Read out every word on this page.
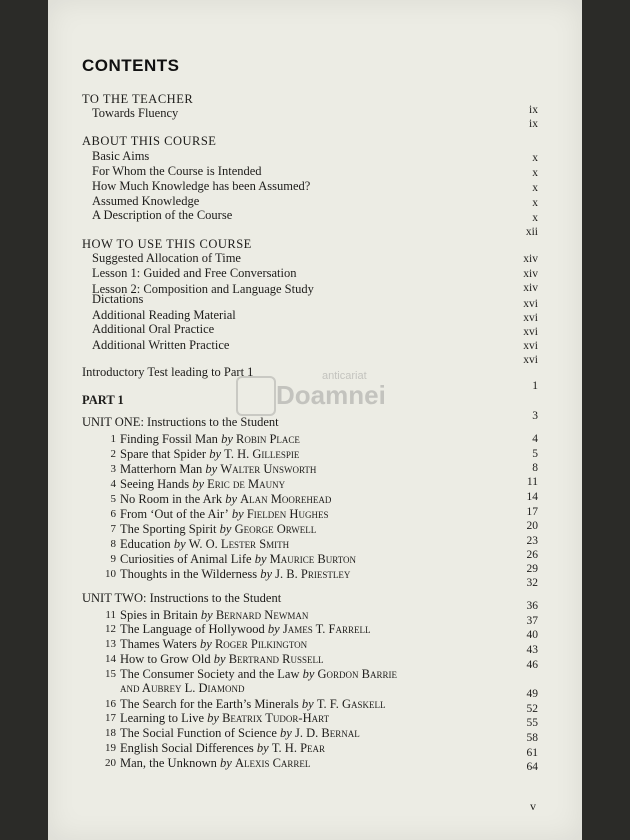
CONTENTS
TO THE TEACHER
Towards Fluency
ABOUT THIS COURSE
Basic Aims
For Whom the Course is Intended
How Much Knowledge has been Assumed?
Assumed Knowledge
A Description of the Course
HOW TO USE THIS COURSE
Suggested Allocation of Time
Lesson 1: Guided and Free Conversation
Lesson 2: Composition and Language Study
Dictations
Additional Reading Material
Additional Oral Practice
Additional Written Practice
Introductory Test leading to Part 1
PART 1
UNIT ONE: Instructions to the Student
1 Finding Fossil Man by Robin Place
2 Spare that Spider by T. H. Gillespie
3 Matterhorn Man by Walter Unsworth
4 Seeing Hands by Eric de Mauny
5 No Room in the Ark by Alan Moorehead
6 From ‘Out of the Air’ by Fielden Hughes
7 The Sporting Spirit by George Orwell
8 Education by W. O. Lester Smith
9 Curiosities of Animal Life by Maurice Burton
10 Thoughts in the Wilderness by J. B. Priestley
UNIT TWO: Instructions to the Student
11 Spies in Britain by Bernard Newman
12 The Language of Hollywood by James T. Farrell
13 Thames Waters by Roger Pilkington
14 How to Grow Old by Bertrand Russell
15 The Consumer Society and the Law by Gordon Barrie
and Aubrey L. Diamond
16 The Search for the Earth’s Minerals by T. F. Gaskell
17 Learning to Live by Beatrix Tudor-Hart
18 The Social Function of Science by J. D. Bernal
19 English Social Differences by T. H. Pear
20 Man, the Unknown by Alexis Carrel
ix
ix
x
x
x
x
x
xii
xiv
xiv
xiv
xvi
xvi
xvi
xvi
xvi
1
3
4
5
8
11
14
17
20
23
26
29
32
36
37
40
43
46
49
52
55
58
61
64
anticariat
Doamnei
v
